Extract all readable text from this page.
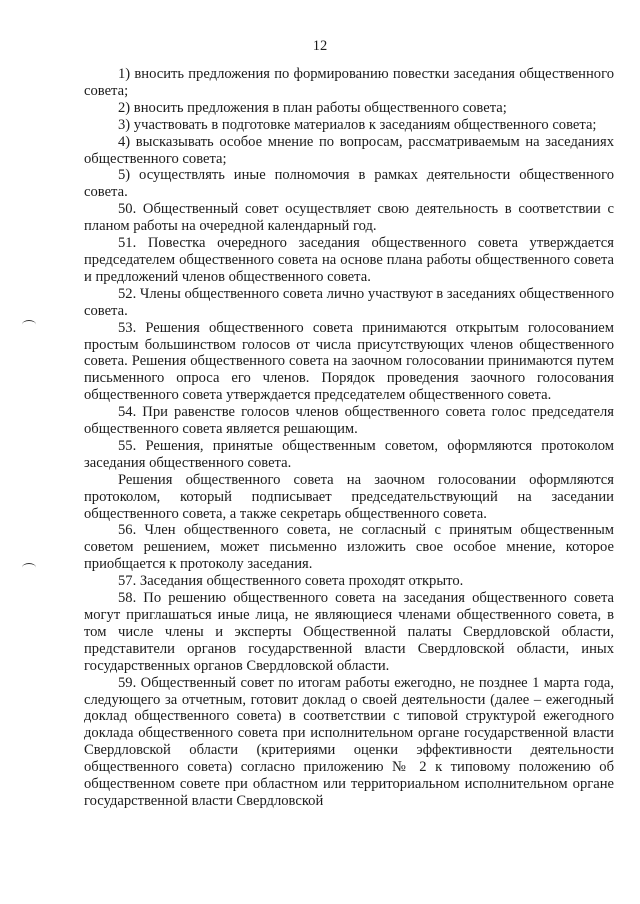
12

1) вносить предложения по формированию повестки заседания общественного совета;

2) вносить предложения в план работы общественного совета;

3) участвовать в подготовке материалов к заседаниям общественного совета;

4) высказывать особое мнение по вопросам, рассматриваемым на заседаниях общественного совета;

5) осуществлять иные полномочия в рамках деятельности общественного совета.

50. Общественный совет осуществляет свою деятельность в соответствии с планом работы на очередной календарный год.

51. Повестка очередного заседания общественного совета утверждается председателем общественного совета на основе плана работы общественного совета и предложений членов общественного совета.

52. Члены общественного совета лично участвуют в заседаниях общественного совета.

53. Решения общественного совета принимаются открытым голосованием простым большинством голосов от числа присутствующих членов общественного совета. Решения общественного совета на заочном голосовании принимаются путем письменного опроса его членов. Порядок проведения заочного голосования общественного совета утверждается председателем общественного совета.

54. При равенстве голосов членов общественного совета голос председателя общественного совета является решающим.

55. Решения, принятые общественным советом, оформляются протоколом заседания общественного совета.

Решения общественного совета на заочном голосовании оформляются протоколом, который подписывает председательствующий на заседании общественного совета, а также секретарь общественного совета.

56. Член общественного совета, не согласный с принятым общественным советом решением, может письменно изложить свое особое мнение, которое приобщается к протоколу заседания.

57. Заседания общественного совета проходят открыто.

58. По решению общественного совета на заседания общественного совета могут приглашаться иные лица, не являющиеся членами общественного совета, в том числе члены и эксперты Общественной палаты Свердловской области, представители органов государственной власти Свердловской области, иных государственных органов Свердловской области.

59. Общественный совет по итогам работы ежегодно, не позднее 1 марта года, следующего за отчетным, готовит доклад о своей деятельности (далее – ежегодный доклад общественного совета) в соответствии с типовой структурой ежегодного доклада общественного совета при исполнительном органе государственной власти Свердловской области (критериями оценки эффективности деятельности общественного совета) согласно приложению № 2 к типовому положению об общественном совете при областном или территориальном исполнительном органе государственной власти Свердловской
